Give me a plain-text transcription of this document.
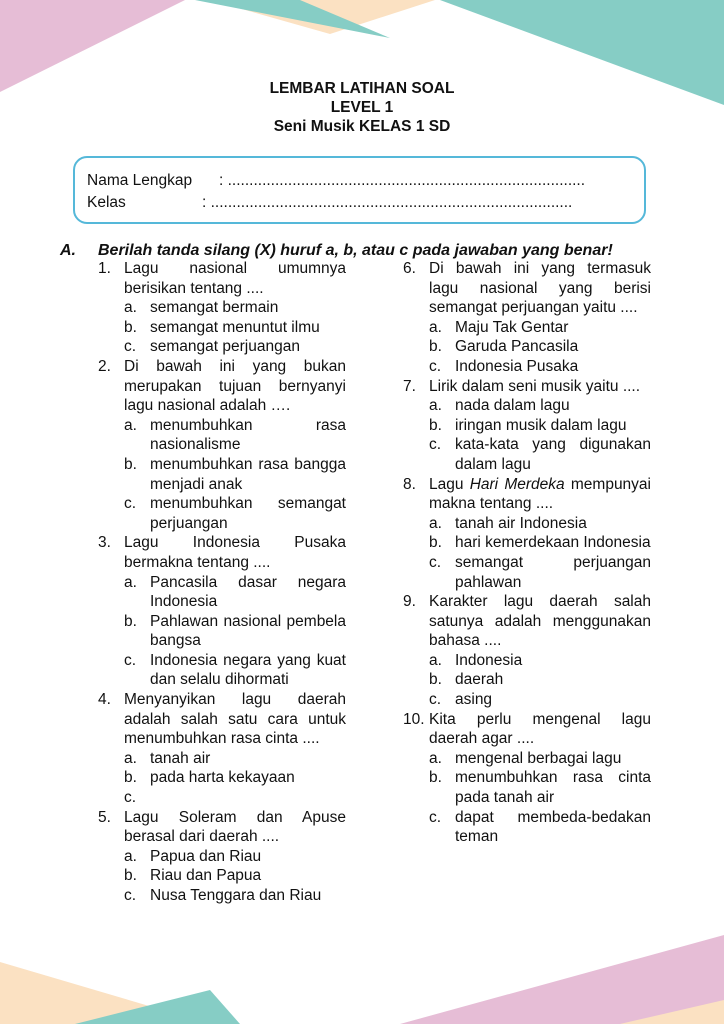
LEMBAR LATIHAN SOAL
LEVEL 1
Seni Musik KELAS 1 SD
Nama Lengkap : ...................................................................................
Kelas	: ....................................................................................
A. Berilah tanda silang (X) huruf a, b, atau c pada jawaban yang benar!
1. Lagu nasional umumnya berisikan tentang ....
a. semangat bermain
b. semangat menuntut ilmu
c. semangat perjuangan
2. Di bawah ini yang bukan merupakan tujuan bernyanyi lagu nasional adalah ….
a. menumbuhkan rasa nasionalisme
b. menumbuhkan rasa bangga menjadi anak
c. menumbuhkan semangat perjuangan
3. Lagu Indonesia Pusaka bermakna tentang ....
a. Pancasila dasar negara Indonesia
b. Pahlawan nasional pembela bangsa
c. Indonesia negara yang kuat dan selalu dihormati
4. Menyanyikan lagu daerah adalah salah satu cara untuk menumbuhkan rasa cinta ....
a. tanah air
b. pada harta kekayaan
c.
5. Lagu Soleram dan Apuse berasal dari daerah ....
a. Papua dan Riau
b. Riau dan Papua
c. Nusa Tenggara dan Riau
6. Di bawah ini yang termasuk lagu nasional yang berisi semangat perjuangan yaitu ....
a. Maju Tak Gentar
b. Garuda Pancasila
c. Indonesia Pusaka
7. Lirik dalam seni musik yaitu ....
a. nada dalam lagu
b. iringan musik dalam lagu
c. kata-kata yang digunakan dalam lagu
8. Lagu Hari Merdeka mempunyai makna tentang ....
a. tanah air Indonesia
b. hari kemerdekaan Indonesia
c. semangat perjuangan pahlawan
9. Karakter lagu daerah salah satunya adalah menggunakan bahasa ....
a. Indonesia
b. daerah
c. asing
10. Kita perlu mengenal lagu daerah agar ....
a. mengenal berbagai lagu
b. menumbuhkan rasa cinta pada tanah air
c. dapat membeda-bedakan teman
